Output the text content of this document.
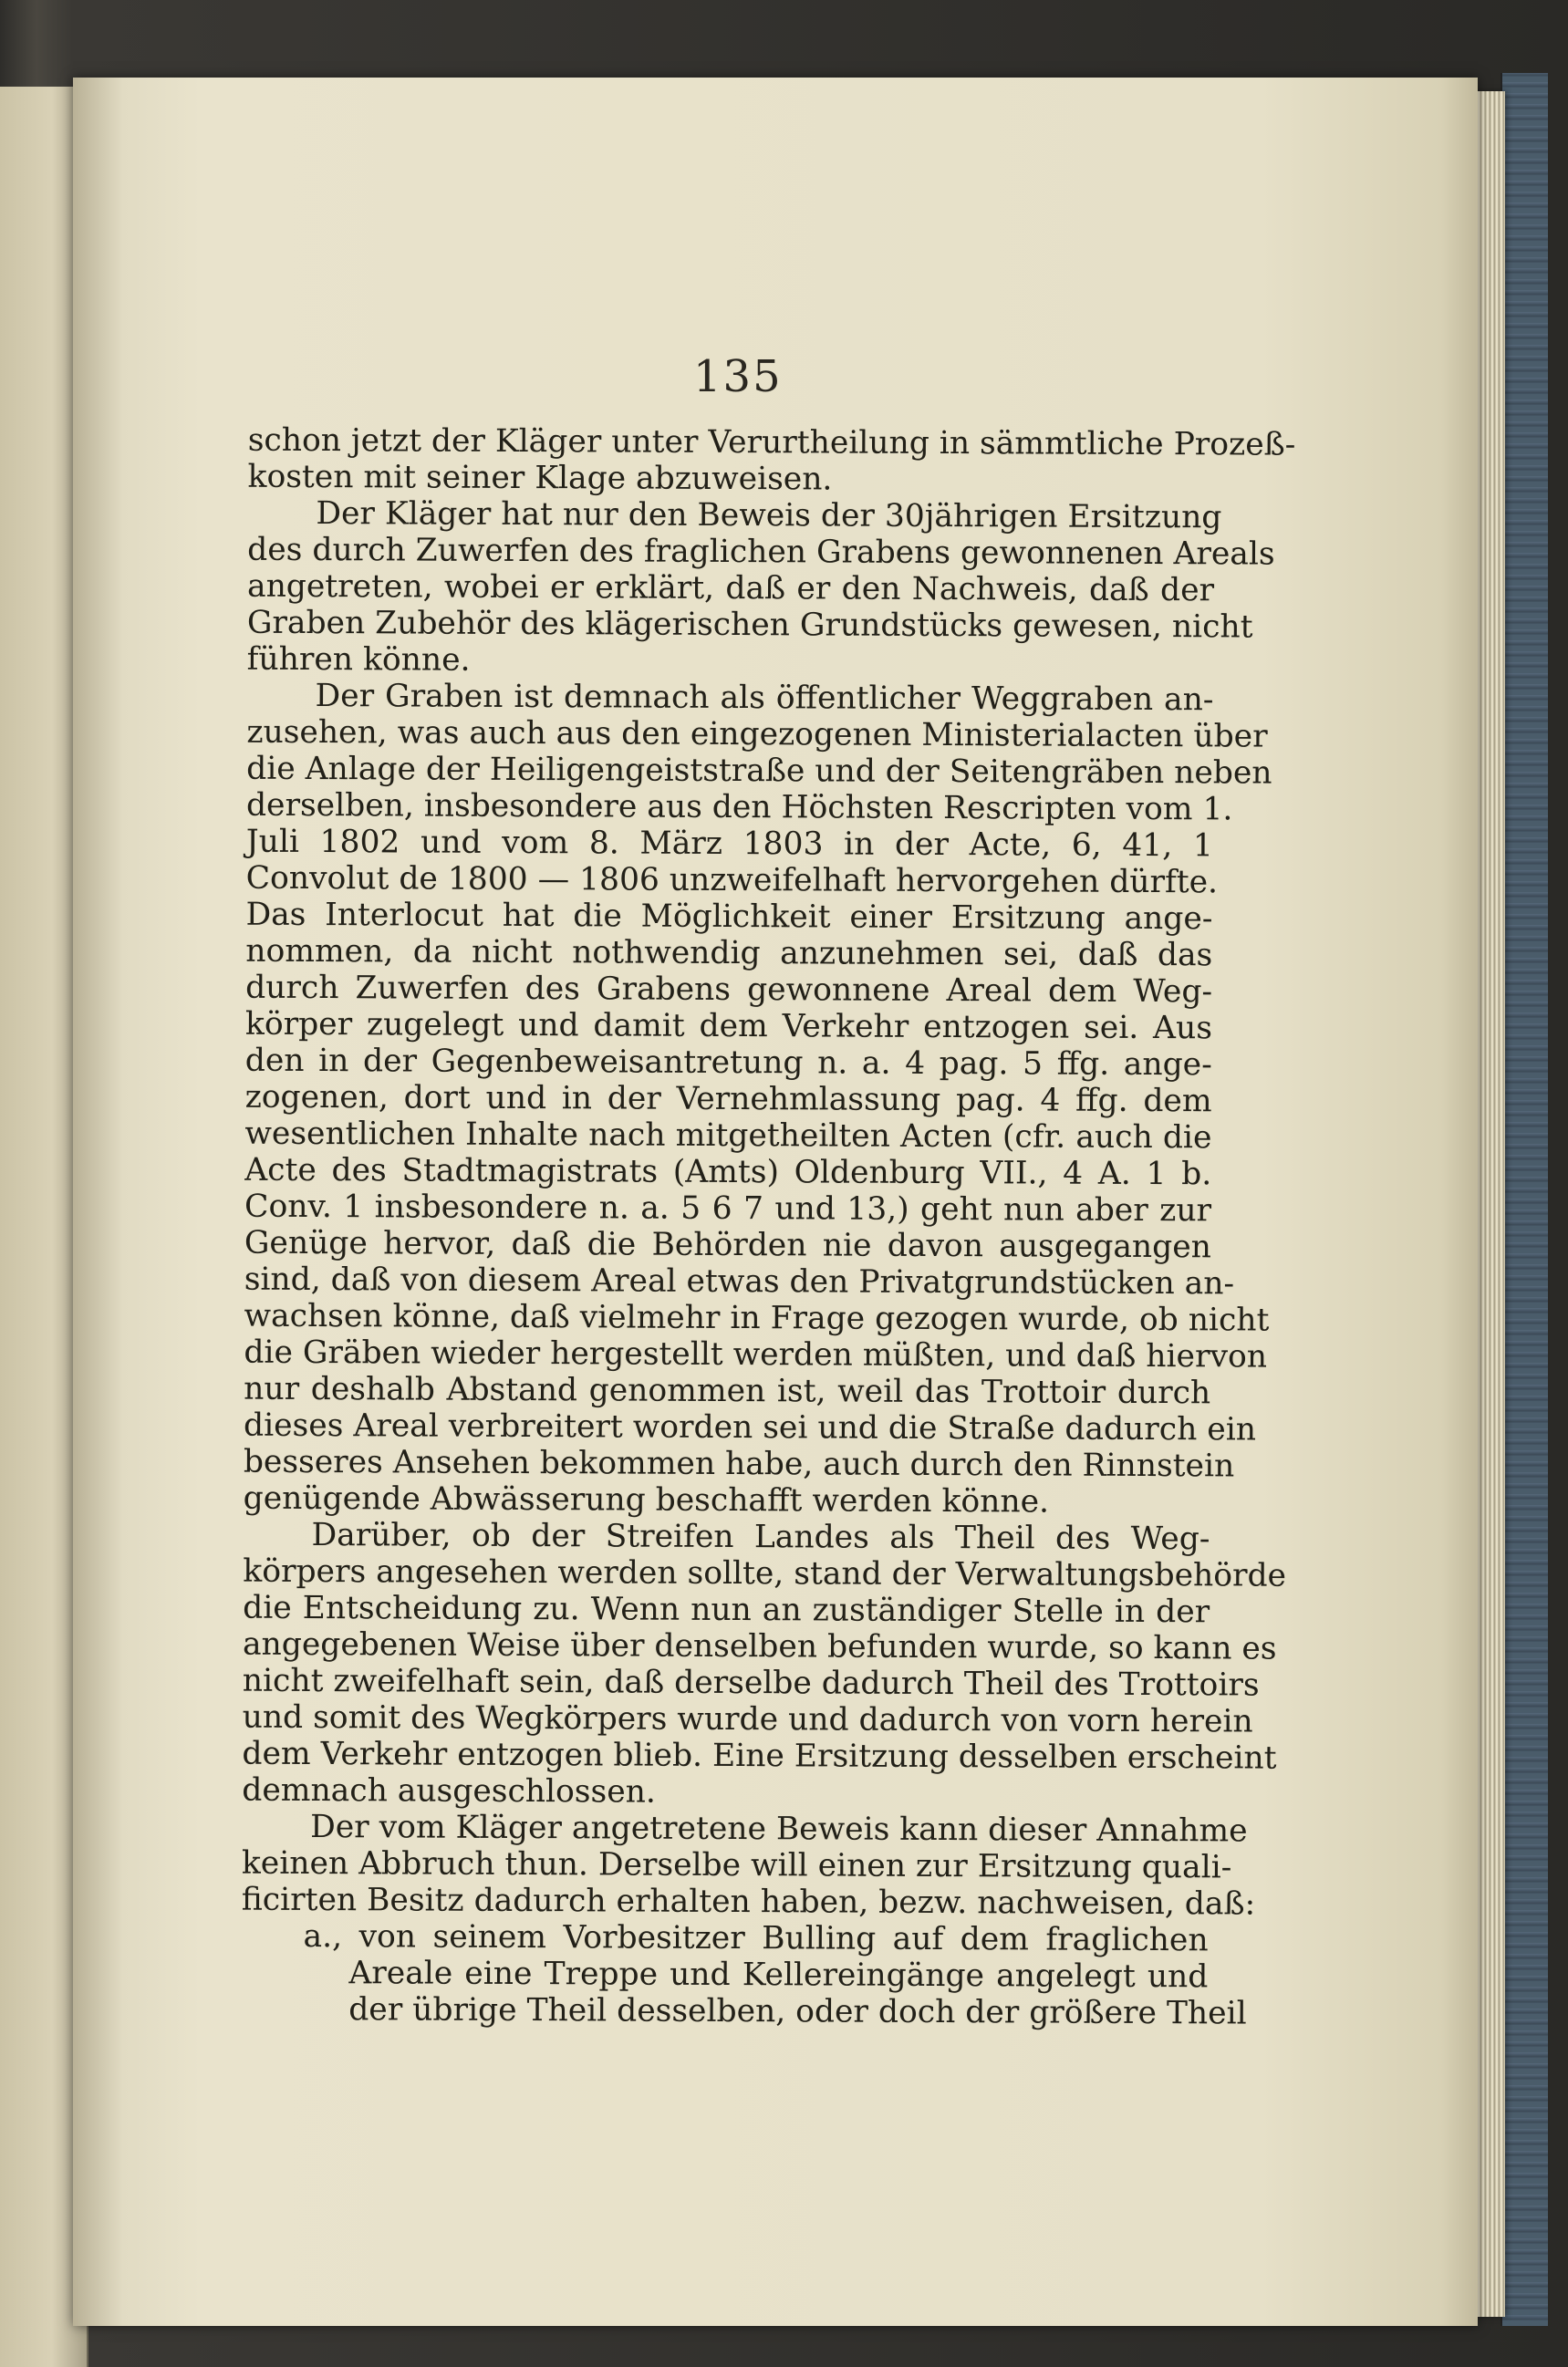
135
schon jetzt der Kläger unter Verurtheilung in sämmtliche Prozeß-
kosten mit seiner Klage abzuweisen.
Der Kläger hat nur den Beweis der 30jährigen Ersitzung
des durch Zuwerfen des fraglichen Grabens gewonnenen Areals
angetreten, wobei er erklärt, daß er den Nachweis, daß der
Graben Zubehör des klägerischen Grundstücks gewesen, nicht
führen könne.
Der Graben ist demnach als öffentlicher Weggraben an-
zusehen, was auch aus den eingezogenen Ministerialacten über
die Anlage der Heiligengeiststraße und der Seitengräben neben
derselben, insbesondere aus den Höchsten Rescripten vom 1.
Juli 1802 und vom 8. März 1803 in der Acte, 6, 41, 1
Convolut de 1800 — 1806 unzweifelhaft hervorgehen dürfte.
Das Interlocut hat die Möglichkeit einer Ersitzung ange-
nommen, da nicht nothwendig anzunehmen sei, daß das
durch Zuwerfen des Grabens gewonnene Areal dem Weg-
körper zugelegt und damit dem Verkehr entzogen sei. Aus
den in der Gegenbeweisantretung n. a. 4 pag. 5 ffg. ange-
zogenen, dort und in der Vernehmlassung pag. 4 ffg. dem
wesentlichen Inhalte nach mitgetheilten Acten (cfr. auch die
Acte des Stadtmagistrats (Amts) Oldenburg VII., 4 A. 1 b.
Conv. 1 insbesondere n. a. 5 6 7 und 13,) geht nun aber zur
Genüge hervor, daß die Behörden nie davon ausgegangen
sind, daß von diesem Areal etwas den Privatgrundstücken an-
wachsen könne, daß vielmehr in Frage gezogen wurde, ob nicht
die Gräben wieder hergestellt werden müßten, und daß hiervon
nur deshalb Abstand genommen ist, weil das Trottoir durch
dieses Areal verbreitert worden sei und die Straße dadurch ein
besseres Ansehen bekommen habe, auch durch den Rinnstein
genügende Abwässerung beschafft werden könne.
Darüber, ob der Streifen Landes als Theil des Weg-
körpers angesehen werden sollte, stand der Verwaltungsbehörde
die Entscheidung zu. Wenn nun an zuständiger Stelle in der
angegebenen Weise über denselben befunden wurde, so kann es
nicht zweifelhaft sein, daß derselbe dadurch Theil des Trottoirs
und somit des Wegkörpers wurde und dadurch von vorn herein
dem Verkehr entzogen blieb. Eine Ersitzung desselben erscheint
demnach ausgeschlossen.
Der vom Kläger angetretene Beweis kann dieser Annahme
keinen Abbruch thun. Derselbe will einen zur Ersitzung quali-
ficirten Besitz dadurch erhalten haben, bezw. nachweisen, daß:
a., von seinem Vorbesitzer Bulling auf dem fraglichen
Areale eine Treppe und Kellereingänge angelegt und
der übrige Theil desselben, oder doch der größere Theil
